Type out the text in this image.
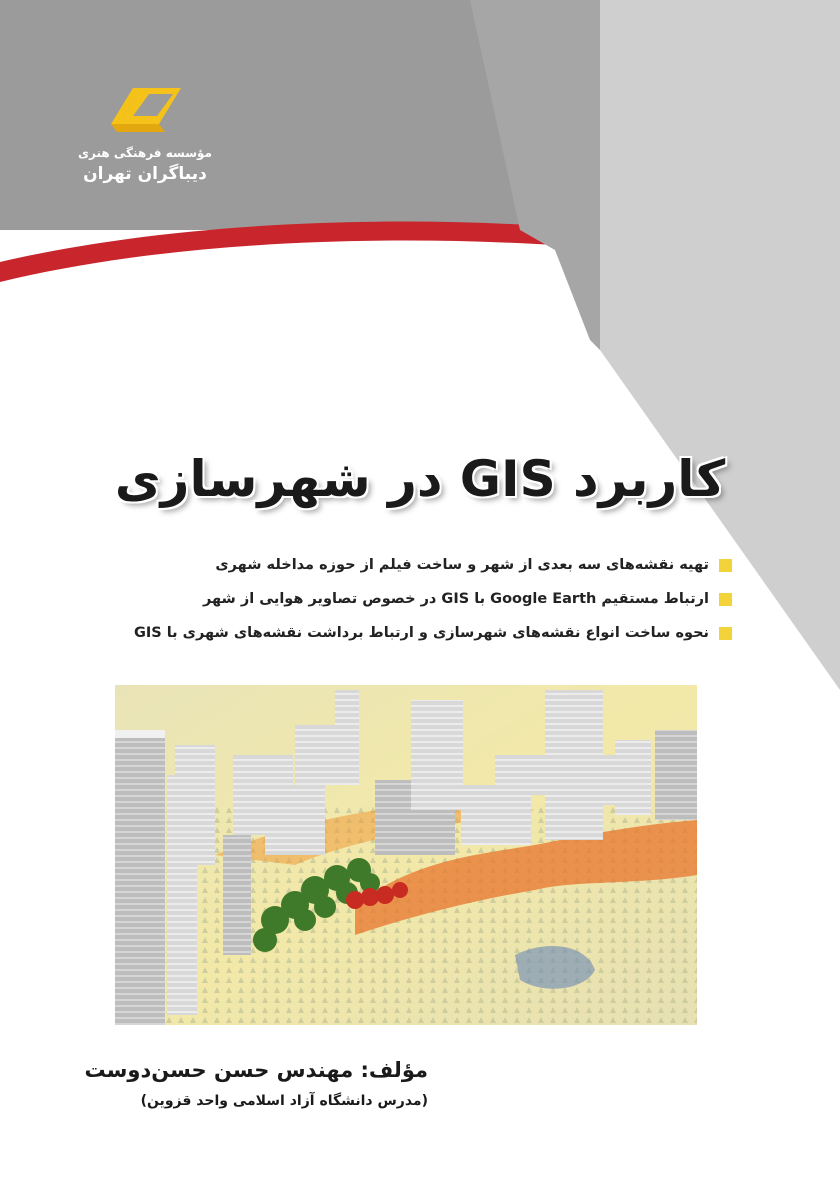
مؤسسه فرهنگی هنری
دیباگران تهران
کاربرد GIS در شهرسازی
تهیه نقشه‌های سه بعدی از شهر و ساخت فیلم از حوزه مداخله شهری
ارتباط مستقیم Google Earth با GIS در خصوص تصاویر هوایی از شهر
نحوه ساخت انواع نقشه‌های شهرسازی و ارتباط برداشت نقشه‌های شهری با GIS
مؤلف: مهندس حسن حسن‌دوست
(مدرس دانشگاه آزاد اسلامی واحد قزوین)
